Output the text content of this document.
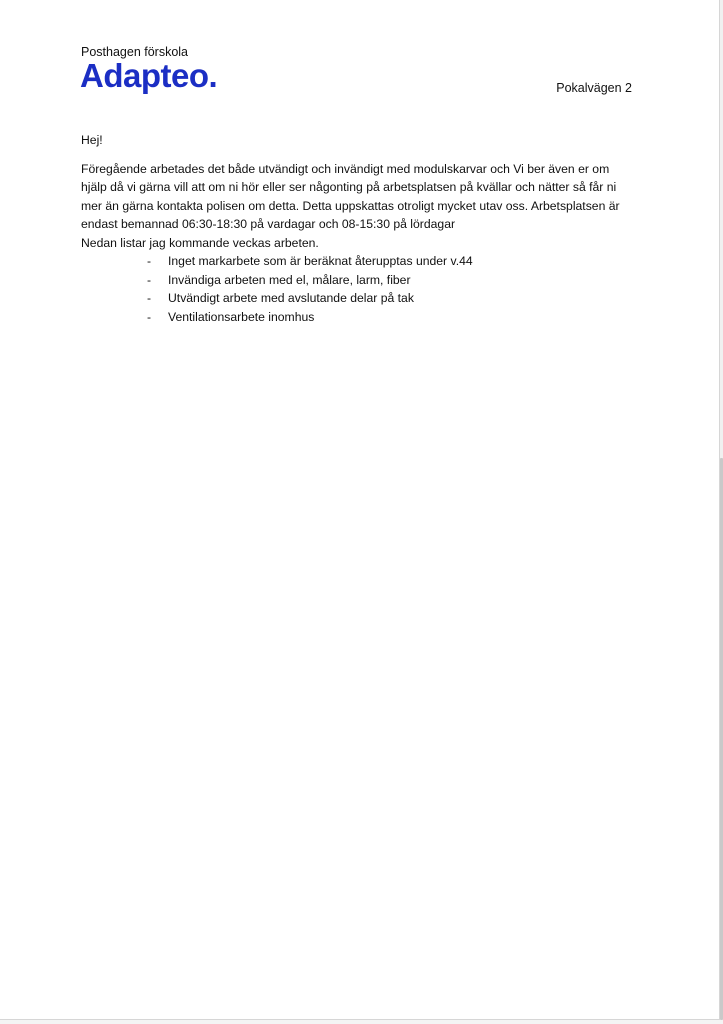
Posthagen förskola
Adapteo.	Pokalvägen 2

Hej!

Föregående arbetades det både utvändigt och invändigt med modulskarvar och Vi ber även er om
hjälp då vi gärna vill att om ni hör eller ser någonting på arbetsplatsen på kvällar och nätter så får ni
mer än gärna kontakta polisen om detta. Detta uppskattas otroligt mycket utav oss. Arbetsplatsen är
endast bemannad 06:30-18:30 på vardagar och 08-15:30 på lördagar

Nedan listar jag kommande veckas arbeten.

- Inget markarbete som är beräknat återupptas under v.44
- Invändiga arbeten med el, målare, larm, fiber
- Utvändigt arbete med avslutande delar på tak
- Ventilationsarbete inomhus
